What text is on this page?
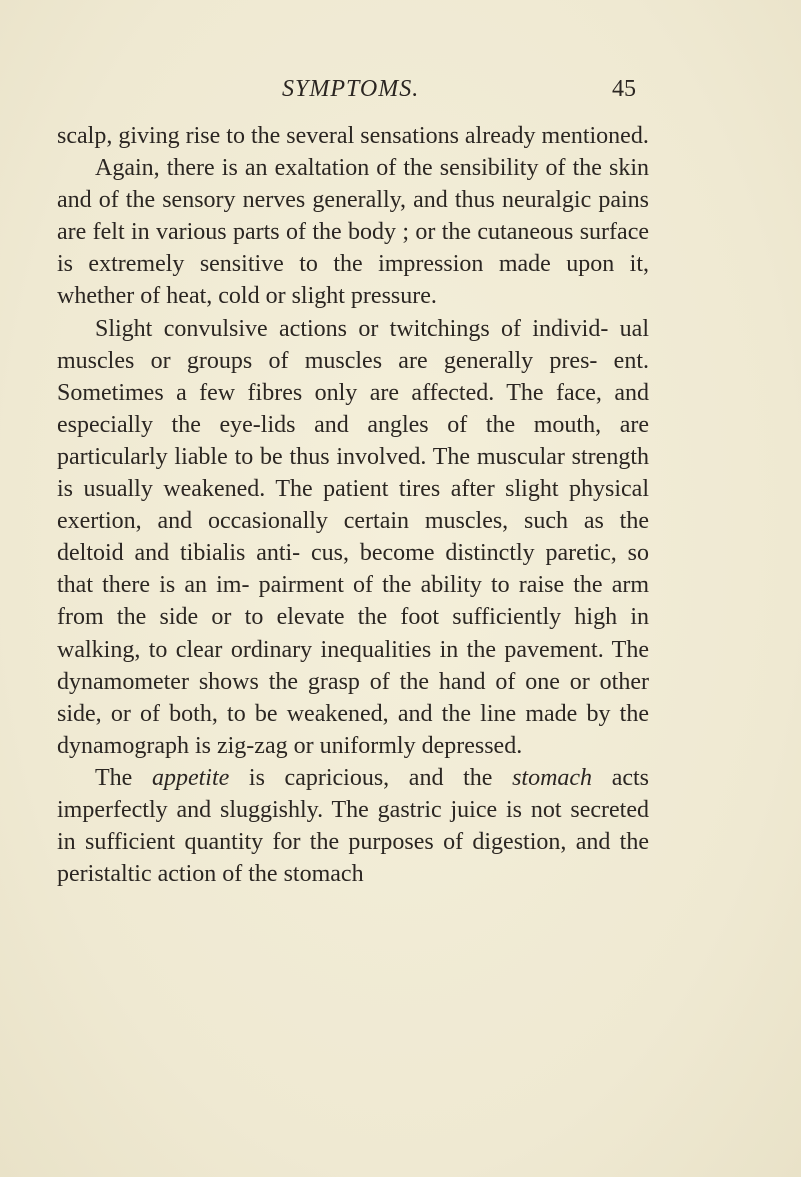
SYMPTOMS.	45

scalp, giving rise to the several sensations already mentioned.

Again, there is an exaltation of the sensibility of the skin and of the sensory nerves generally, and thus neuralgic pains are felt in various parts of the body ; or the cutaneous surface is extremely sensitive to the impression made upon it, whether of heat, cold or slight pressure.

Slight convulsive actions or twitchings of individ- ual muscles or groups of muscles are generally pres- ent. Sometimes a few fibres only are affected. The face, and especially the eye-lids and angles of the mouth, are particularly liable to be thus involved. The muscular strength is usually weakened. The patient tires after slight physical exertion, and occasionally certain muscles, such as the deltoid and tibialis anti- cus, become distinctly paretic, so that there is an im- pairment of the ability to raise the arm from the side or to elevate the foot sufficiently high in walking, to clear ordinary inequalities in the pavement. The dynamometer shows the grasp of the hand of one or other side, or of both, to be weakened, and the line made by the dynamograph is zig-zag or uniformly depressed.

The appetite is capricious, and the stomach acts imperfectly and sluggishly. The gastric juice is not secreted in sufficient quantity for the purposes of digestion, and the peristaltic action of the stomach
